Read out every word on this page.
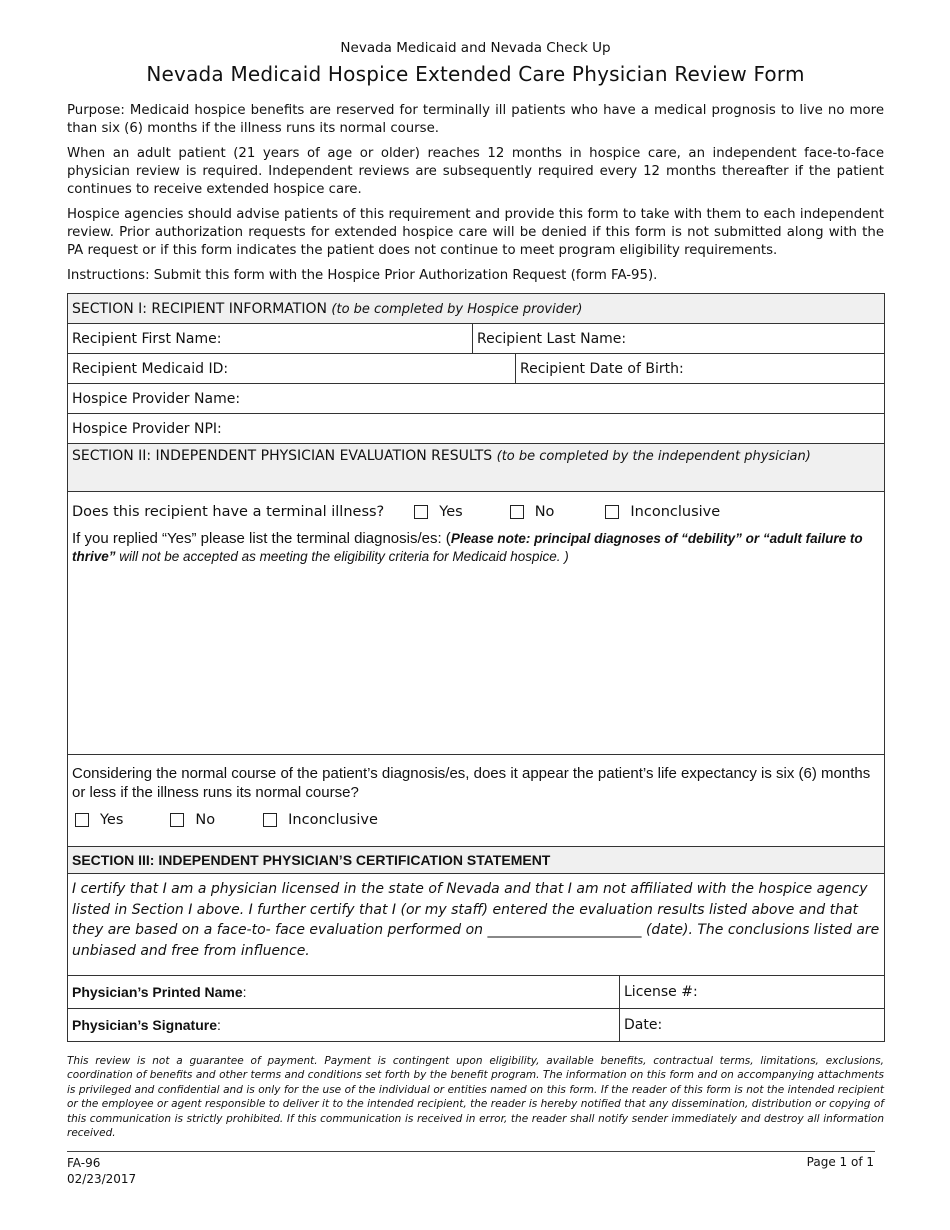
Nevada Medicaid and Nevada Check Up

Nevada Medicaid Hospice Extended Care Physician Review Form

Purpose: Medicaid hospice benefits are reserved for terminally ill patients who have a medical prognosis to live no more than six (6) months if the illness runs its normal course.

When an adult patient (21 years of age or older) reaches 12 months in hospice care, an independent face-to-face physician review is required. Independent reviews are subsequently required every 12 months thereafter if the patient continues to receive extended hospice care.

Hospice agencies should advise patients of this requirement and provide this form to take with them to each independent review. Prior authorization requests for extended hospice care will be denied if this form is not submitted along with the PA request or if this form indicates the patient does not continue to meet program eligibility requirements.

Instructions: Submit this form with the Hospice Prior Authorization Request (form FA-95).

SECTION I: RECIPIENT INFORMATION (to be completed by Hospice provider)			
Recipient First Name:	Recipient Last Name:		
Recipient Medicaid ID:		Recipient Date of Birth:	
Hospice Provider Name:			
Hospice Provider NPI:			
SECTION II: INDEPENDENT PHYSICIAN EVALUATION RESULTS (to be completed by the independent physician)			

Does this recipient have a terminal illness? Yes No Inconclusive
If you replied “Yes” please list the terminal diagnosis/es: (Please note: principal diagnoses of “debility” or “adult failure to thrive” will not be accepted as meeting the eligibility criteria for Medicaid hospice. )			

Considering the normal course of the patient’s diagnosis/es, does it appear the patient’s life expectancy is six (6) months or less if the illness runs its normal course?
Yes No Inconclusive			

SECTION III: INDEPENDENT PHYSICIAN’S CERTIFICATION STATEMENT			
I certify that I am a physician licensed in the state of Nevada and that I am not affiliated with the hospice agency listed in Section I above. I further certify that I (or my staff) entered the evaluation results listed above and that they are based on a face-to- face evaluation performed on ______________________ (date). The conclusions listed are unbiased and free from influence.			
Physician’s Printed Name:			License #:
Physician’s Signature:			Date:

This review is not a guarantee of payment. Payment is contingent upon eligibility, available benefits, contractual terms, limitations, exclusions, coordination of benefits and other terms and conditions set forth by the benefit program. The information on this form and on accompanying attachments is privileged and confidential and is only for the use of the individual or entities named on this form. If the reader of this form is not the intended recipient or the employee or agent responsible to deliver it to the intended recipient, the reader is hereby notified that any dissemination, distribution or copying of this communication is strictly prohibited. If this communication is received in error, the reader shall notify sender immediately and destroy all information received.

FA-96
02/23/2017
Page 1 of 1
